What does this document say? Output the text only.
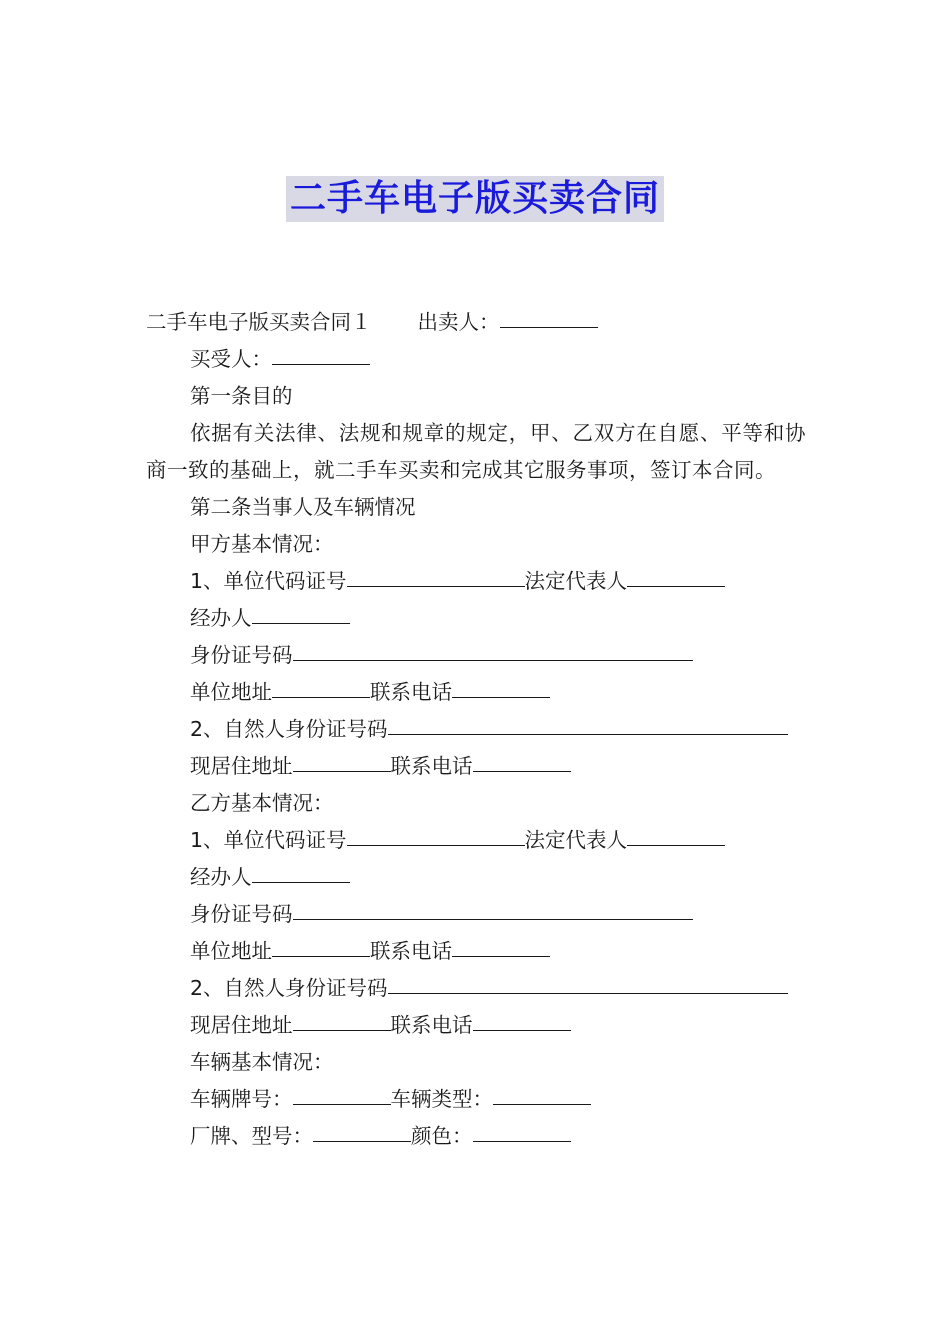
二手车电子版买卖合同

二手车电子版买卖合同１ 出卖人：

买受人：

第一条目的

依据有关法律、法规和规章的规定，甲、乙双方在自愿、平等和协商一致的基础上，就二手车买卖和完成其它服务事项，签订本合同。

第二条当事人及车辆情况

甲方基本情况：

1、单位代码证号	法定代表人

经办人

身份证号码

单位地址	联系电话

2、自然人身份证号码

现居住地址	联系电话

乙方基本情况：

1、单位代码证号	法定代表人

经办人

身份证号码

单位地址	联系电话

2、自然人身份证号码

现居住地址	联系电话

车辆基本情况：

车辆牌号：	车辆类型：

厂牌、型号：	颜色：
